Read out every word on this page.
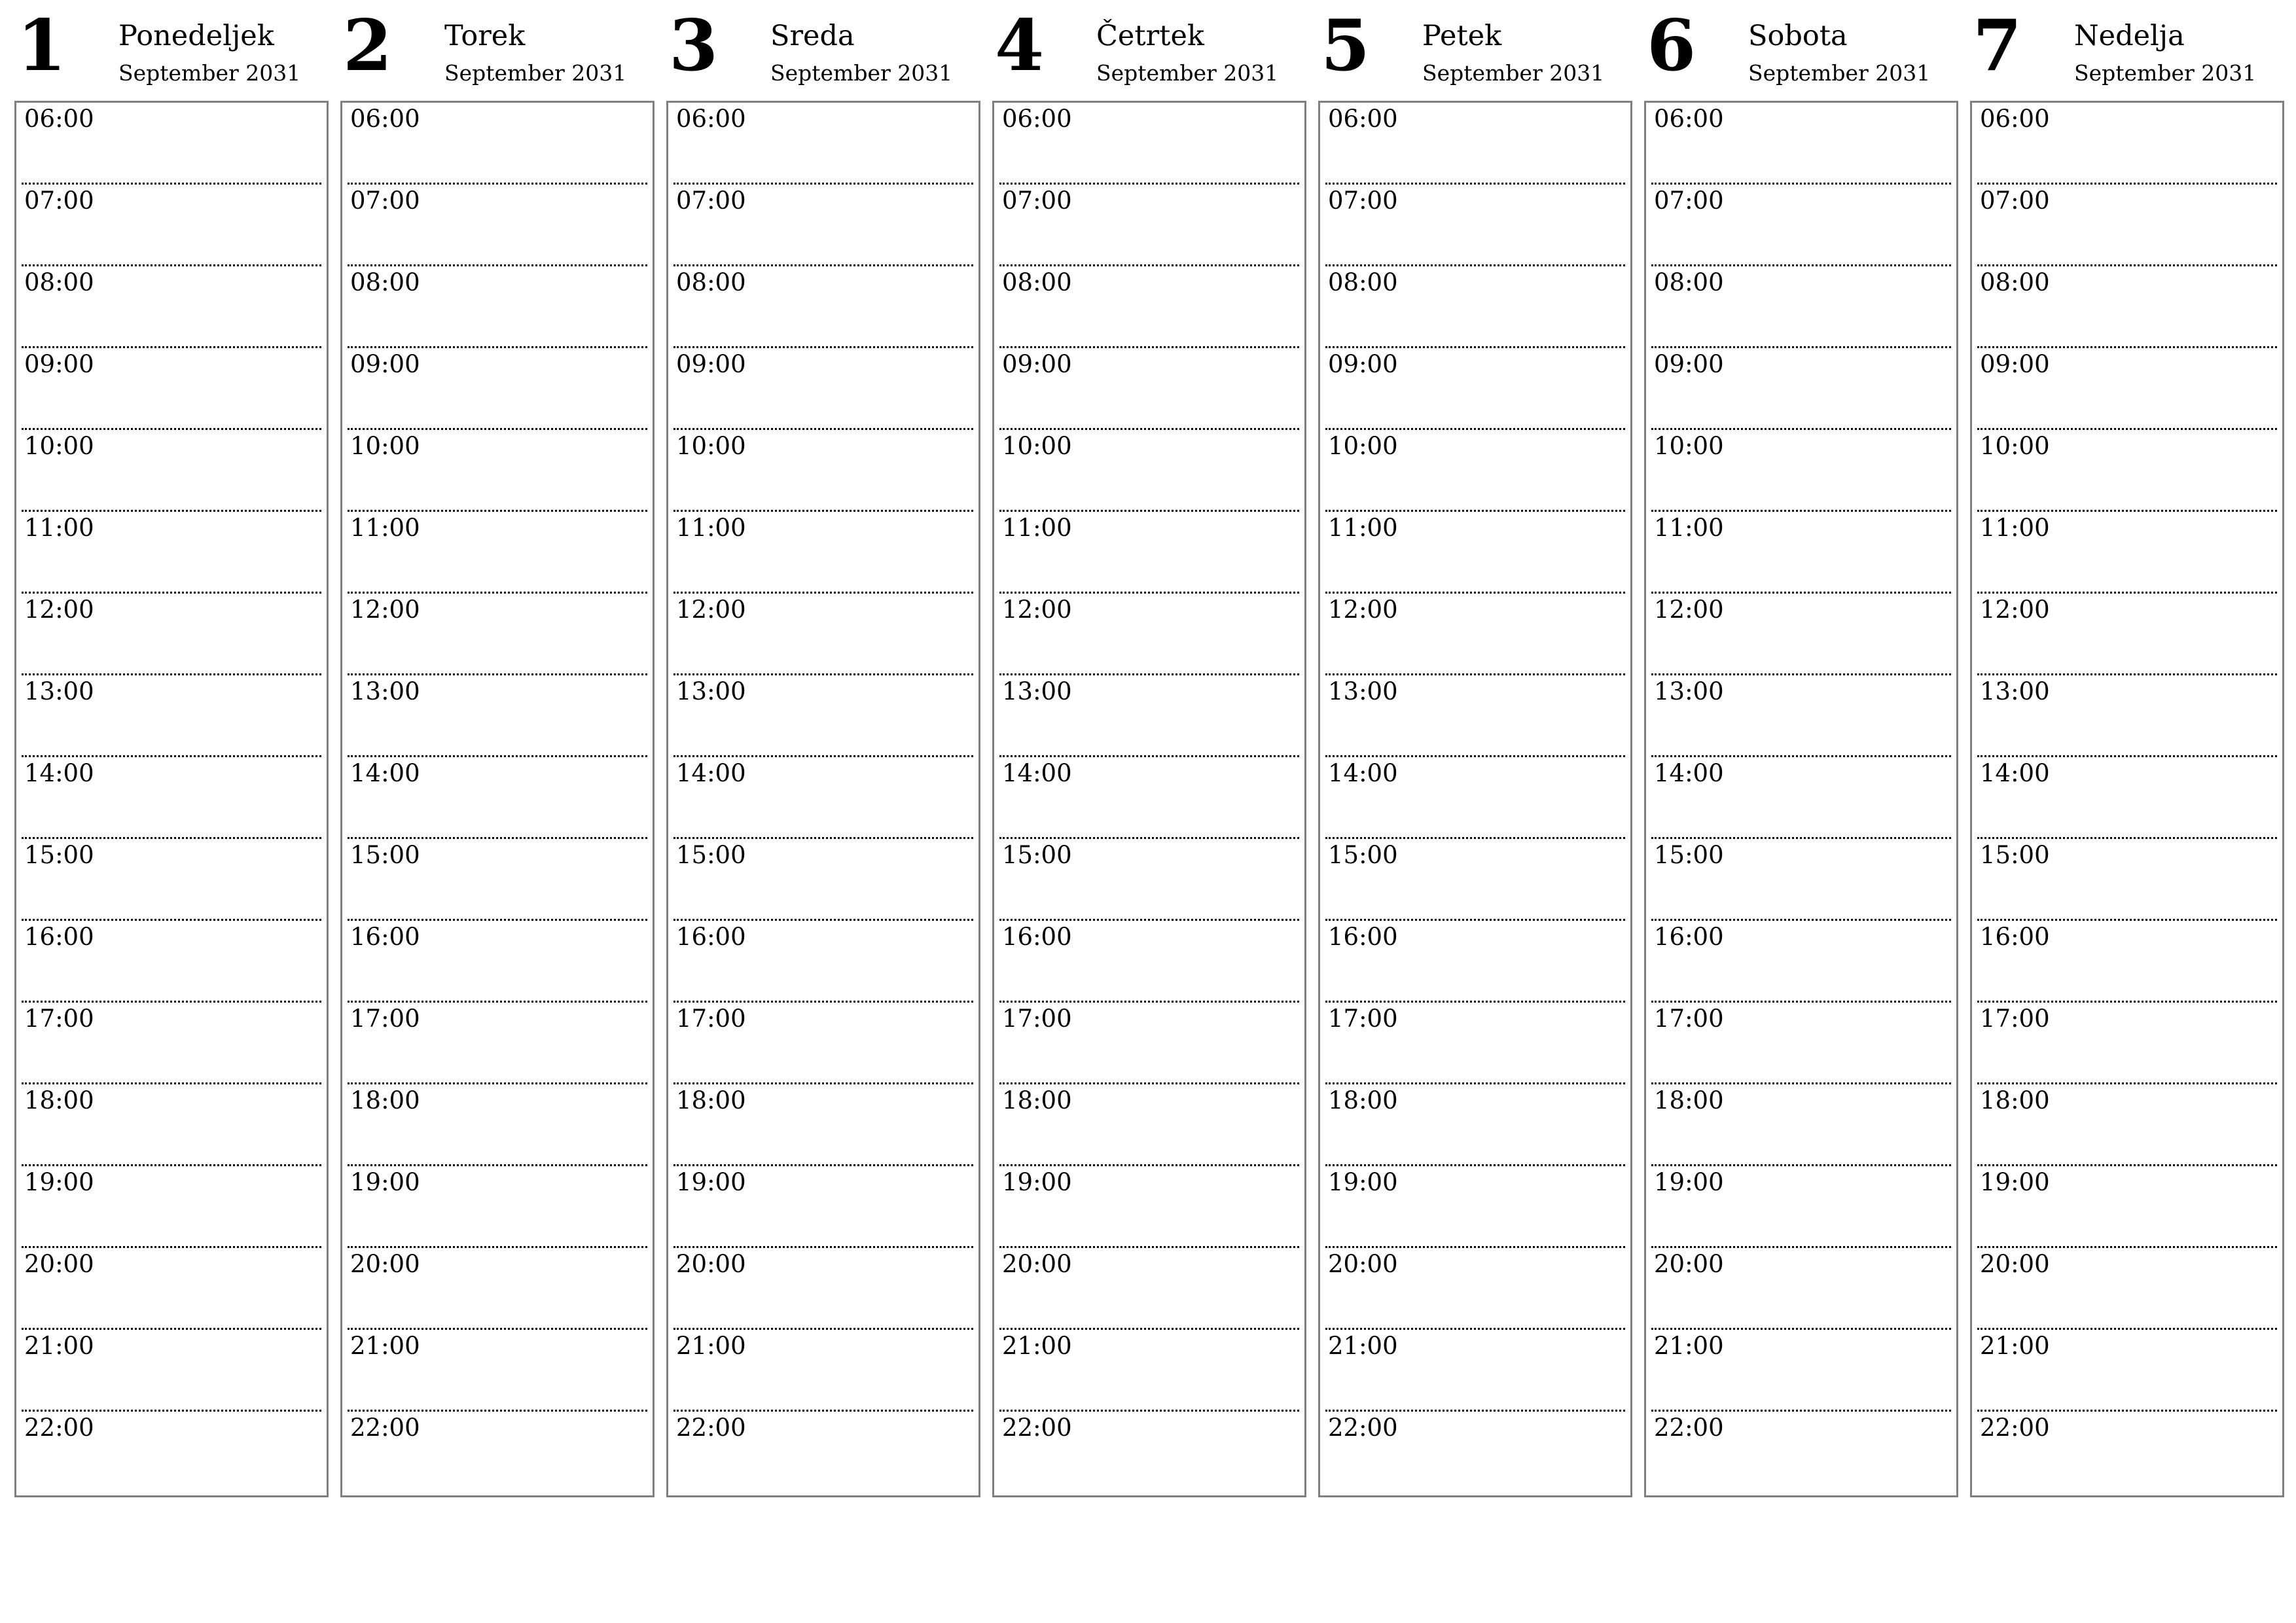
1 Ponedeljek
September 2031
06:00
07:00
08:00
09:00
10:00
11:00
12:00
13:00
14:00
15:00
16:00
17:00
18:00
19:00
20:00
21:00
22:00
2 Torek
September 2031
06:00
07:00
08:00
09:00
10:00
11:00
12:00
13:00
14:00
15:00
16:00
17:00
18:00
19:00
20:00
21:00
22:00
3 Sreda
September 2031
06:00
07:00
08:00
09:00
10:00
11:00
12:00
13:00
14:00
15:00
16:00
17:00
18:00
19:00
20:00
21:00
22:00
4 Četrtek
September 2031
06:00
07:00
08:00
09:00
10:00
11:00
12:00
13:00
14:00
15:00
16:00
17:00
18:00
19:00
20:00
21:00
22:00
5 Petek
September 2031
06:00
07:00
08:00
09:00
10:00
11:00
12:00
13:00
14:00
15:00
16:00
17:00
18:00
19:00
20:00
21:00
22:00
6 Sobota
September 2031
06:00
07:00
08:00
09:00
10:00
11:00
12:00
13:00
14:00
15:00
16:00
17:00
18:00
19:00
20:00
21:00
22:00
7 Nedelja
September 2031
06:00
07:00
08:00
09:00
10:00
11:00
12:00
13:00
14:00
15:00
16:00
17:00
18:00
19:00
20:00
21:00
22:00
